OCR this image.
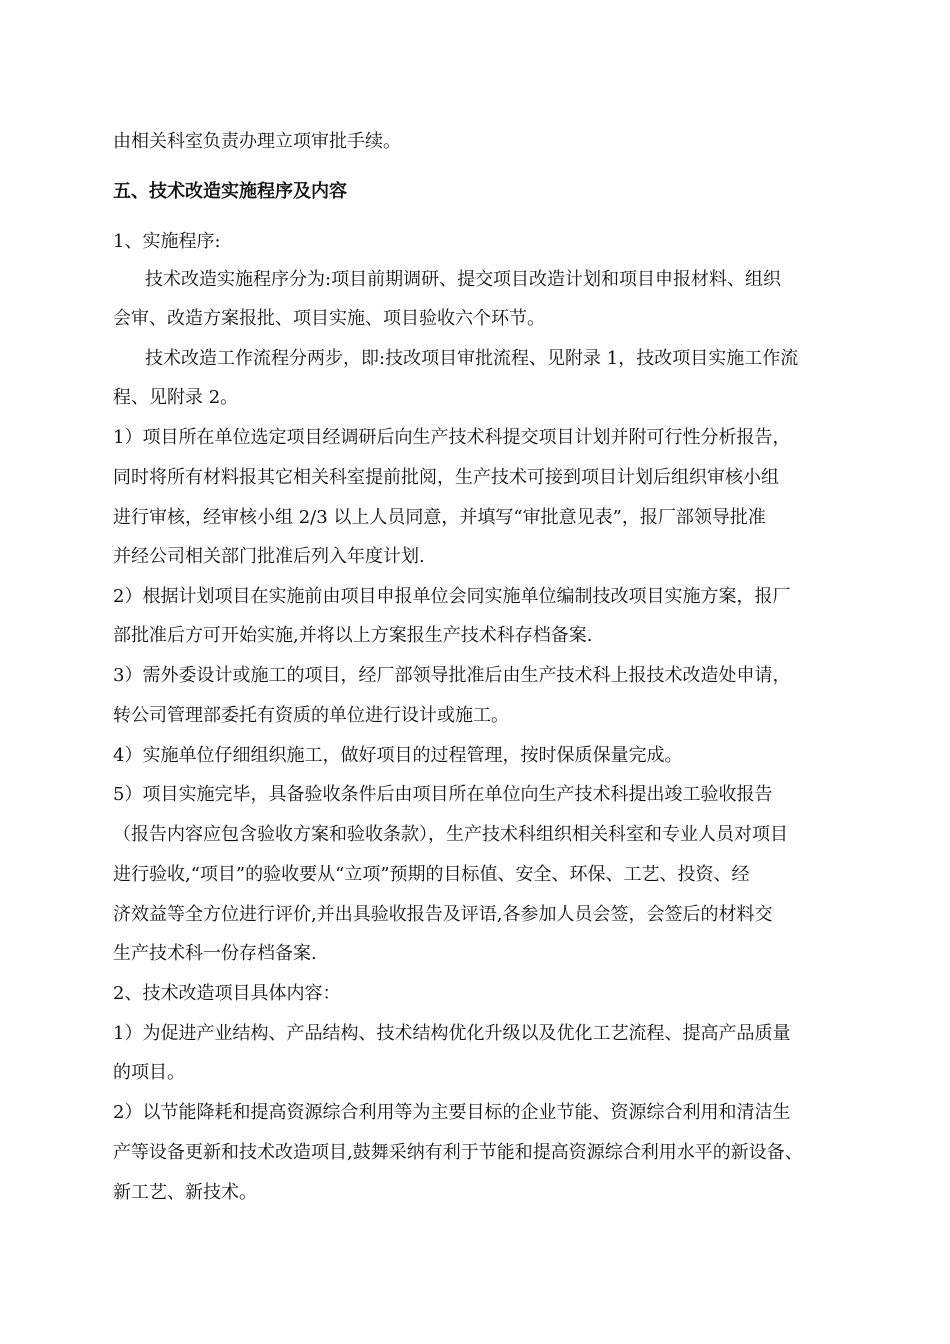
由相关科室负责办理立项审批手续。
五、技术改造实施程序及内容
1、实施程序:
技术改造实施程序分为:项目前期调研、提交项目改造计划和项目申报材料、组织
会审、改造方案报批、项目实施、项目验收六个环节。
技术改造工作流程分两步，即:技改项目审批流程、见附录 1，技改项目实施工作流
程、见附录 2。
1）项目所在单位选定项目经调研后向生产技术科提交项目计划并附可行性分析报告，
同时将所有材料报其它相关科室提前批阅，生产技术可接到项目计划后组织审核小组
进行审核，经审核小组 2/3 以上人员同意，并填写“审批意见表”，报厂部领导批准
并经公司相关部门批准后列入年度计划.
2）根据计划项目在实施前由项目申报单位会同实施单位编制技改项目实施方案，报厂
部批准后方可开始实施,并将以上方案报生产技术科存档备案.
3）需外委设计或施工的项目，经厂部领导批准后由生产技术科上报技术改造处申请，
转公司管理部委托有资质的单位进行设计或施工。
4）实施单位仔细组织施工，做好项目的过程管理，按时保质保量完成。
5）项目实施完毕，具备验收条件后由项目所在单位向生产技术科提出竣工验收报告
（报告内容应包含验收方案和验收条款），生产技术科组织相关科室和专业人员对项目
进行验收,“项目”的验收要从“立项”预期的目标值、安全、环保、工艺、投资、经
济效益等全方位进行评价,并出具验收报告及评语,各参加人员会签，会签后的材料交
生产技术科一份存档备案.
2、技术改造项目具体内容：
1）为促进产业结构、产品结构、技术结构优化升级以及优化工艺流程、提高产品质量
的项目。
2）以节能降耗和提高资源综合利用等为主要目标的企业节能、资源综合利用和清洁生
产等设备更新和技术改造项目,鼓舞采纳有利于节能和提高资源综合利用水平的新设备、
新工艺、新技术。
